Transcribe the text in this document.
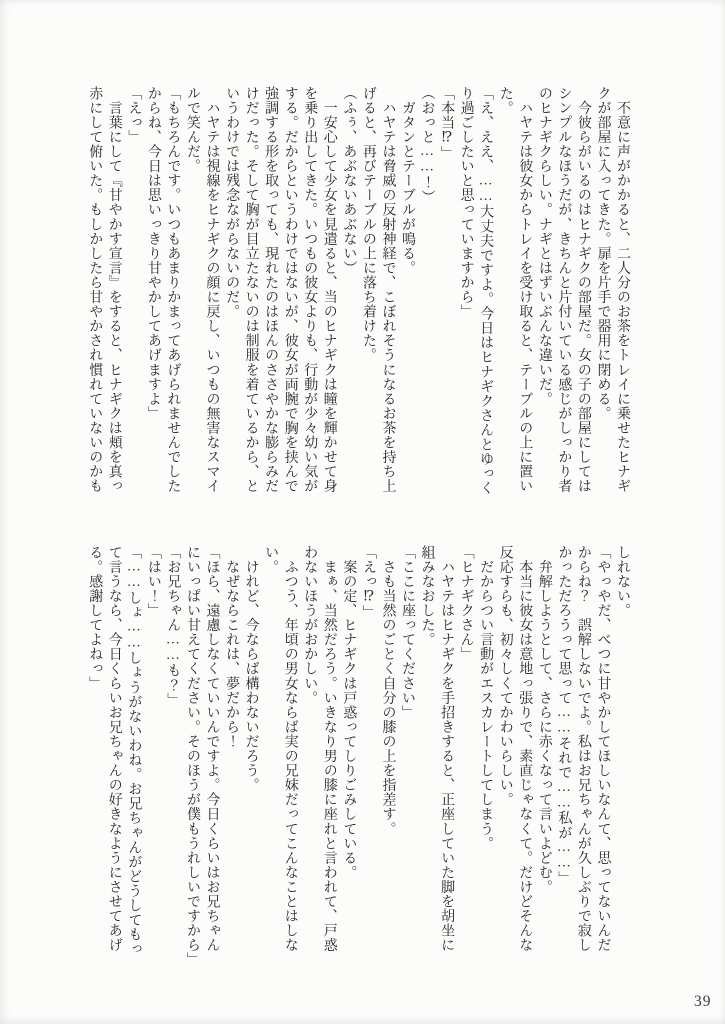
　不意に声がかかると、二人分のお茶をトレイに乗せたヒナギ
クが部屋に入ってきた。扉を片手で器用に閉める。
　今彼らがいるのはヒナギクの部屋だ。女の子の部屋にしては
シンプルなほうだが、きちんと片付いている感じがしっかり者
のヒナギクらしい。ナギとはずいぶんな違いだ。
　ハヤテは彼女からトレイを受け取ると、テーブルの上に置い
た。
「え、ええ、……大丈夫ですよ。今日はヒナギクさんとゆっく
り過ごしたいと思っていますから」
「本当⁉」
（おっと……！）
　ガタンとテーブルが鳴る。
　ハヤテは脅威の反射神経で、こぼれそうになるお茶を持ち上
げると、再びテーブルの上に落ち着けた。
（ふぅ、あぶないあぶない）
　一安心して少女を見遣ると、当のヒナギクは瞳を輝かせて身
を乗り出してきた。いつもの彼女よりも、行動が少々幼い気が
する。だからというわけではないが、彼女が両腕で胸を挟んで
強調する形を取っても、現れたのはほんのささやかな膨らみだ
けだった。そして胸が目立たないのは制服を着ているから、と
いうわけでは残念ながらないのだ。
　ハヤテは視線をヒナギクの顔に戻し、いつもの無害なスマイ
ルで笑んだ。
「もちろんです。いつもあまりかまってあげられませんでした
からね、今日は思いっきり甘やかしてあげますよ」
「えっ」
　言葉にして『甘やかす宣言』をすると、ヒナギクは頬を真っ
赤にして俯いた。もしかしたら甘やかされ慣れていないのかも
しれない。
「やっやだ、べつに甘やかしてほしいなんて、思ってないんだ
からね？　誤解しないでよ。私はお兄ちゃんが久しぶりで寂し
かっただろうって思って……それで……私が……」
　弁解しようとして、さらに赤くなって言いよどむ。
　本当に彼女は意地っ張りで、素直じゃなくて。だけどそんな
反応すらも、初々しくてかわいらしい。
　だからつい言動がエスカレートしてしまう。
「ヒナギクさん」
　ハヤテはヒナギクを手招きすると、正座していた脚を胡坐に
組みなおした。
「ここに座ってください」
　さも当然のごとく自分の膝の上を指差す。
「えっ⁉」
　案の定、ヒナギクは戸惑ってしりごみしている。
　まぁ、当然だろう。いきなり男の膝に座れと言われて、戸惑
わないほうがおかしい。
　ふつう、年頃の男女ならば実の兄妹だってこんなことはしな
い。
　けれど、今ならば構わないだろう。
　なぜならこれは、夢だから！
「ほら、遠慮しなくていいんですよ。今日くらいはお兄ちゃん
にいっぱい甘えてください。そのほうが僕もうれしいですから」
「お兄ちゃん……も？」
「はい！」
「……しょ……しょうがないわね。お兄ちゃんがどうしてもっ
て言うなら、今日くらいお兄ちゃんの好きなようにさせてあげ
る。感謝してよねっ」
39
